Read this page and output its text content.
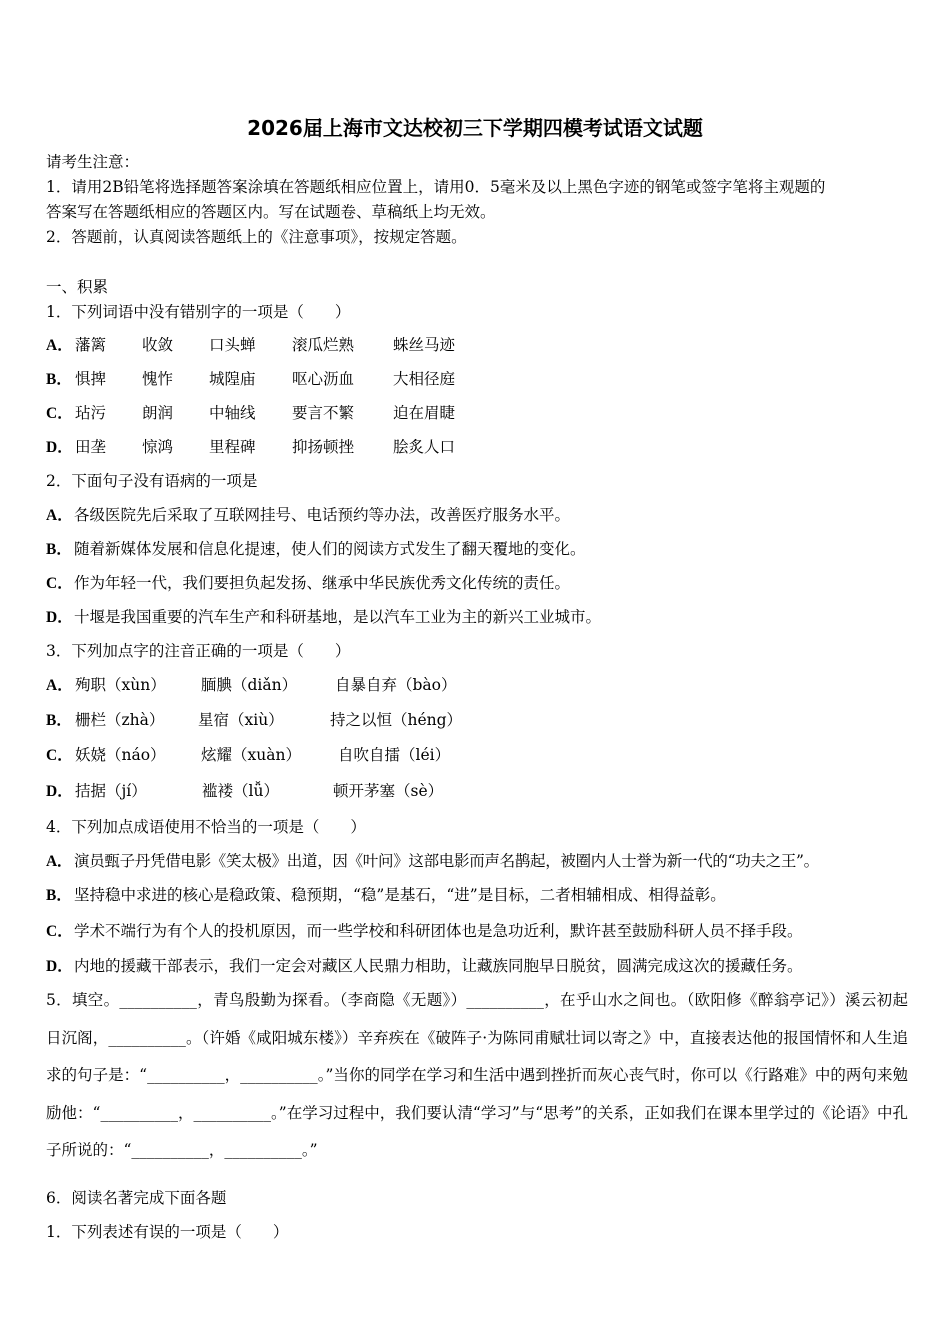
2026届上海市文达校初三下学期四模考试语文试题
请考生注意：
1．请用2B铅笔将选择题答案涂填在答题纸相应位置上，请用0．5毫米及以上黑色字迹的钢笔或签字笔将主观题的
答案写在答题纸相应的答题区内。写在试题卷、草稿纸上均无效。
2．答题前，认真阅读答题纸上的《注意事项》，按规定答题。
一、积累
1．下列词语中没有错别字的一项是（　　）
A． 藩篱 收敛 口头蝉 滚瓜烂熟	蛛丝马迹
B． 惧捭 愧怍 城隍庙 呕心沥血	大相径庭
C． 玷污 朗润 中轴线 要言不繁	迫在眉睫
D． 田垄 惊鸿 里程碑 抑扬顿挫	脍炙人口
2．下面句子没有语病的一项是
A．各级医院先后采取了互联网挂号、电话预约等办法，改善医疗服务水平。
B． 随着新媒体发展和信息化提速，使人们的阅读方式发生了翻天覆地的变化。
C．作为年轻一代，我们要担负起发扬、继承中华民族优秀文化传统的责任。
D．十堰是我国重要的汽车生产和科研基地，是以汽车工业为主的新兴工业城市。
3．下列加点字的注音正确的一项是（　　）
A． 殉职（xùn） 腼腆（diǎn） 自暴自弃（bào）
B． 栅栏（zhà） 星宿（xiù）	持之以恒（héng）
C． 妖娆（náo） 炫耀（xuàn） 自吹自擂（léi）
D． 拮据（jí）	褴褛（lǚ）	顿开茅塞（sè）
4．下列加点成语使用不恰当的一项是（　　）
A． 演员甄子丹凭借电影《笑太极》出道，因《叶问》这部电影而声名鹊起，被圈内人士誉为新一代的“功夫之王”。
B． 坚持稳中求进的核心是稳政策、稳预期，“稳”是基石，“进”是目标，二者相辅相成、相得益彰。
C．学术不端行为有个人的投机原因，而一些学校和科研团体也是急功近利，默许甚至鼓励科研人员不择手段。
D．内地的援藏干部表示，我们一定会对藏区人民鼎力相助，让藏族同胞早日脱贫，圆满完成这次的援藏任务。
5．填空。__________，青鸟殷勤为探看。（李商隐《无题》）__________，在乎山水之间也。（欧阳修《醉翁亭记》）溪云初起日沉阁，__________。（许婚《咸阳城东楼》）辛弃疾在《破阵子·为陈同甫赋壮词以寄之》中，直接表达他的报国情怀和人生追求的句子是：“__________，__________。”当你的同学在学习和生活中遇到挫折而灰心丧气时，你可以《行路难》中的两句来勉励他：“__________，__________。”在学习过程中，我们要认清“学习”与“思考”的关系，正如我们在课本里学过的《论语》中孔子所说的：“__________，__________。”
6．阅读名著完成下面各题
1．下列表述有误的一项是（　　）
